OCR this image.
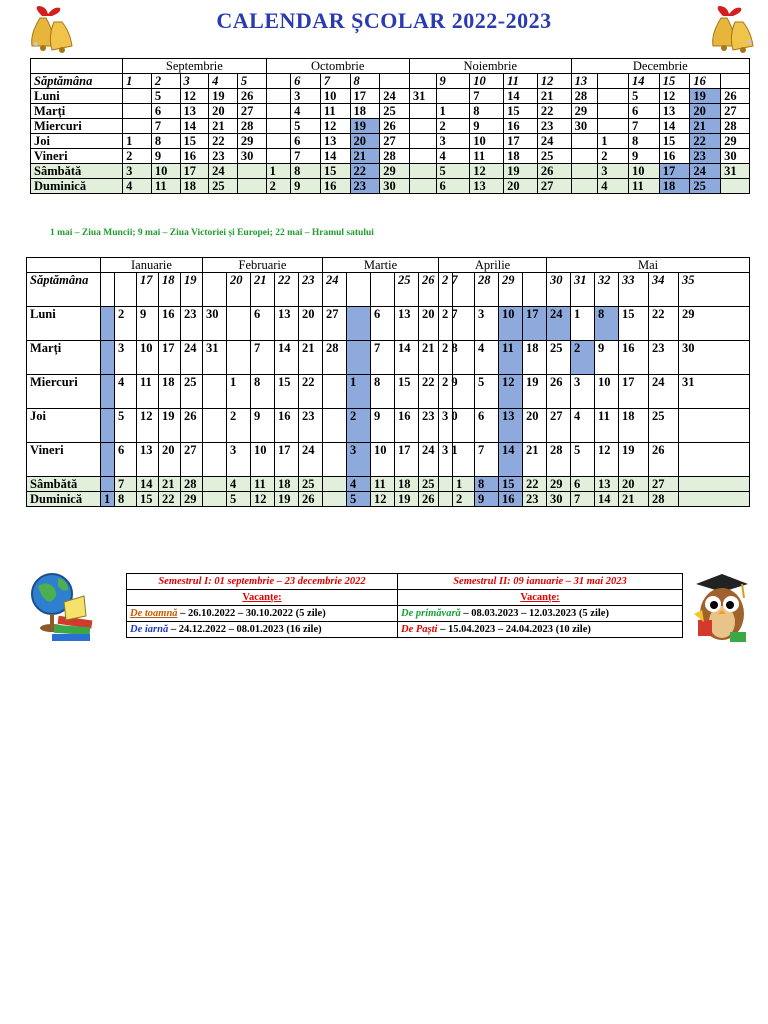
CALENDAR ȘCOLAR 2022-2023
	Septembrie					Octombrie					Noiembrie					Decembrie					
Săptămâna	1	2	3	4	5		6	7	8			9	10	11	12	13		14	15	16	
Luni		5	12	19	26		3	10	17	24	31		7	14	21	28		5	12	19	26
Marți		6	13	20	27		4	11	18	25		1	8	15	22	29		6	13	20	27
Miercuri		7	14	21	28		5	12	19	26		2	9	16	23	30		7	14	21	28
Joi	1	8	15	22	29		6	13	20	27		3	10	17	24		1	8	15	22	29
Vineri	2	9	16	23	30		7	14	21	28		4	11	18	25		2	9	16	23	30
Sâmbătă	3	10	17	24		1	8	15	22	29		5	12	19	26		3	10	17	24	31
Duminică	4	11	18	25		2	9	16	23	30		6	13	20	27		4	11	18	25	
1 mai – Ziua Muncii; 9 mai – Ziua Victoriei și Europei; 22 mai – Hramul satului
	Ianuarie					Februarie					Martie					Aprilie					Mai					
Săptămâna			17	18	19		20	21	22	23	24			25	26	2 7		28	29		30	31	32	33	34	35
Luni		2	9	16	23	30		6	13	20	27		6	13	20	2 7		3	10	17	24	1	8	15	22	29
Marți		3	10	17	24	31		7	14	21	28		7	14	21	2 8		4	11	18	25	2	9	16	23	30
Miercuri		4	11	18	25		1	8	15	22		1	8	15	22	2 9		5	12	19	26	3	10	17	24	31
Joi		5	12	19	26		2	9	16	23		2	9	16	23	3 0		6	13	20	27	4	11	18	25	
Vineri		6	13	20	27		3	10	17	24		3	10	17	24	3 1		7	14	21	28	5	12	19	26	
Sâmbătă		7	14	21	28		4	11	18	25		4	11	18	25		1	8	15	22	29	6	13	20	27	
Duminică	1	8	15	22	29		5	12	19	26		5	12	19	26		2	9	16	23	30	7	14	21	28	
Semestrul I: 01 septembrie – 23 decembrie 2022	Semestrul II: 09 ianuarie – 31 mai 2023
Vacanțe:	Vacanțe:
De toamnă – 26.10.2022 – 30.10.2022 (5 zile)	De primăvară – 08.03.2023 – 12.03.2023 (5 zile)
De iarnă – 24.12.2022 – 08.01.2023 (16 zile)	De Paști – 15.04.2023 – 24.04.2023 (10 zile)
